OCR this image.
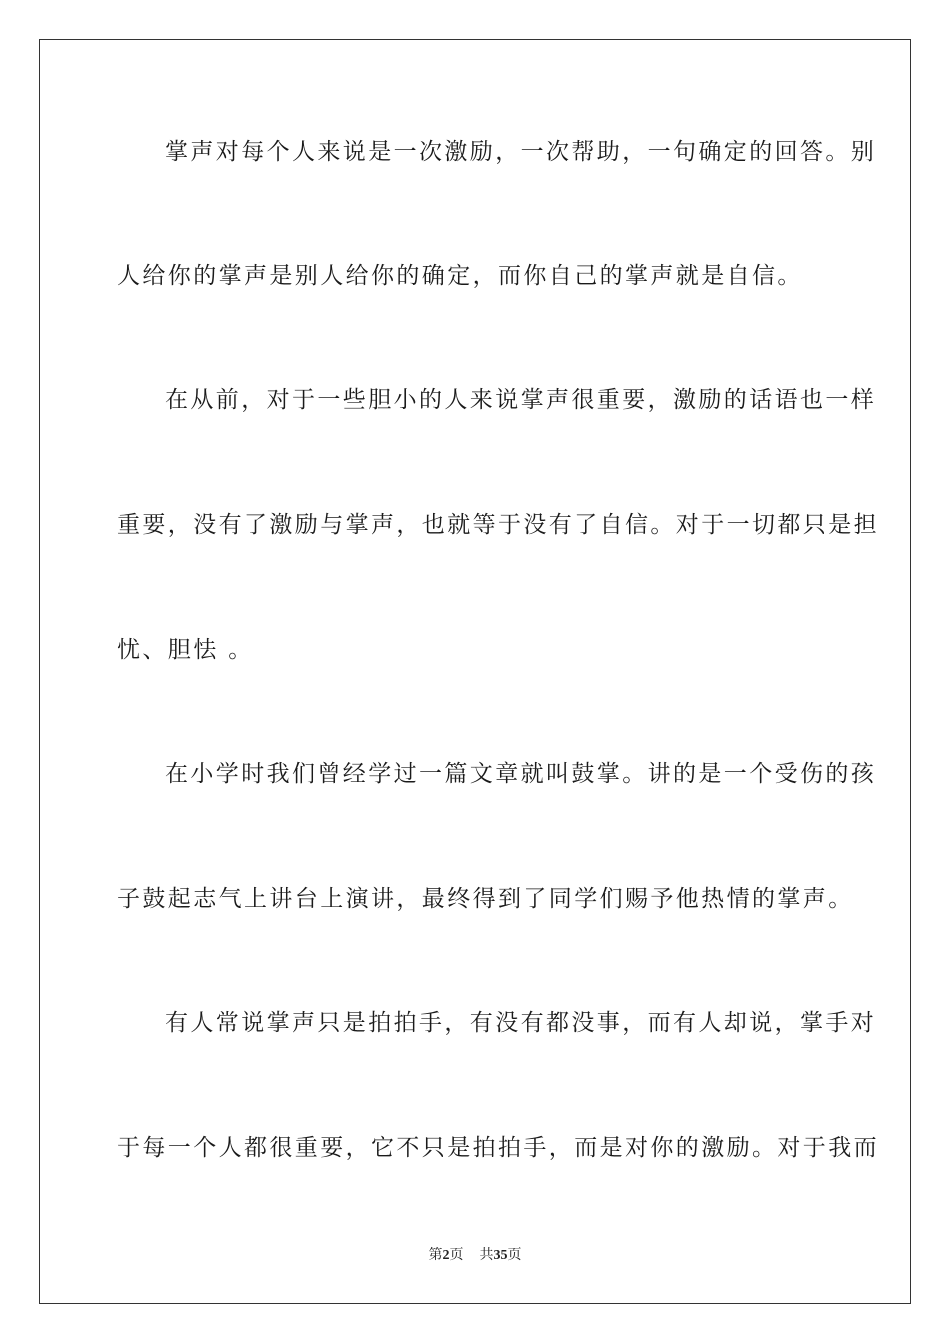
掌声对每个人来说是一次激励，一次帮助，一句确定的回答。别
人给你的掌声是别人给你的确定，而你自己的掌声就是自信。
在从前，对于一些胆小的人来说掌声很重要，激励的话语也一样
重要，没有了激励与掌声，也就等于没有了自信。对于一切都只是担
忧、胆怯 。
在小学时我们曾经学过一篇文章就叫鼓掌。讲的是一个受伤的孩
子鼓起志气上讲台上演讲，最终得到了同学们赐予他热情的掌声。
有人常说掌声只是拍拍手，有没有都没事，而有人却说，掌手对
于每一个人都很重要，它不只是拍拍手，而是对你的激励。对于我而
第2页 共35页
